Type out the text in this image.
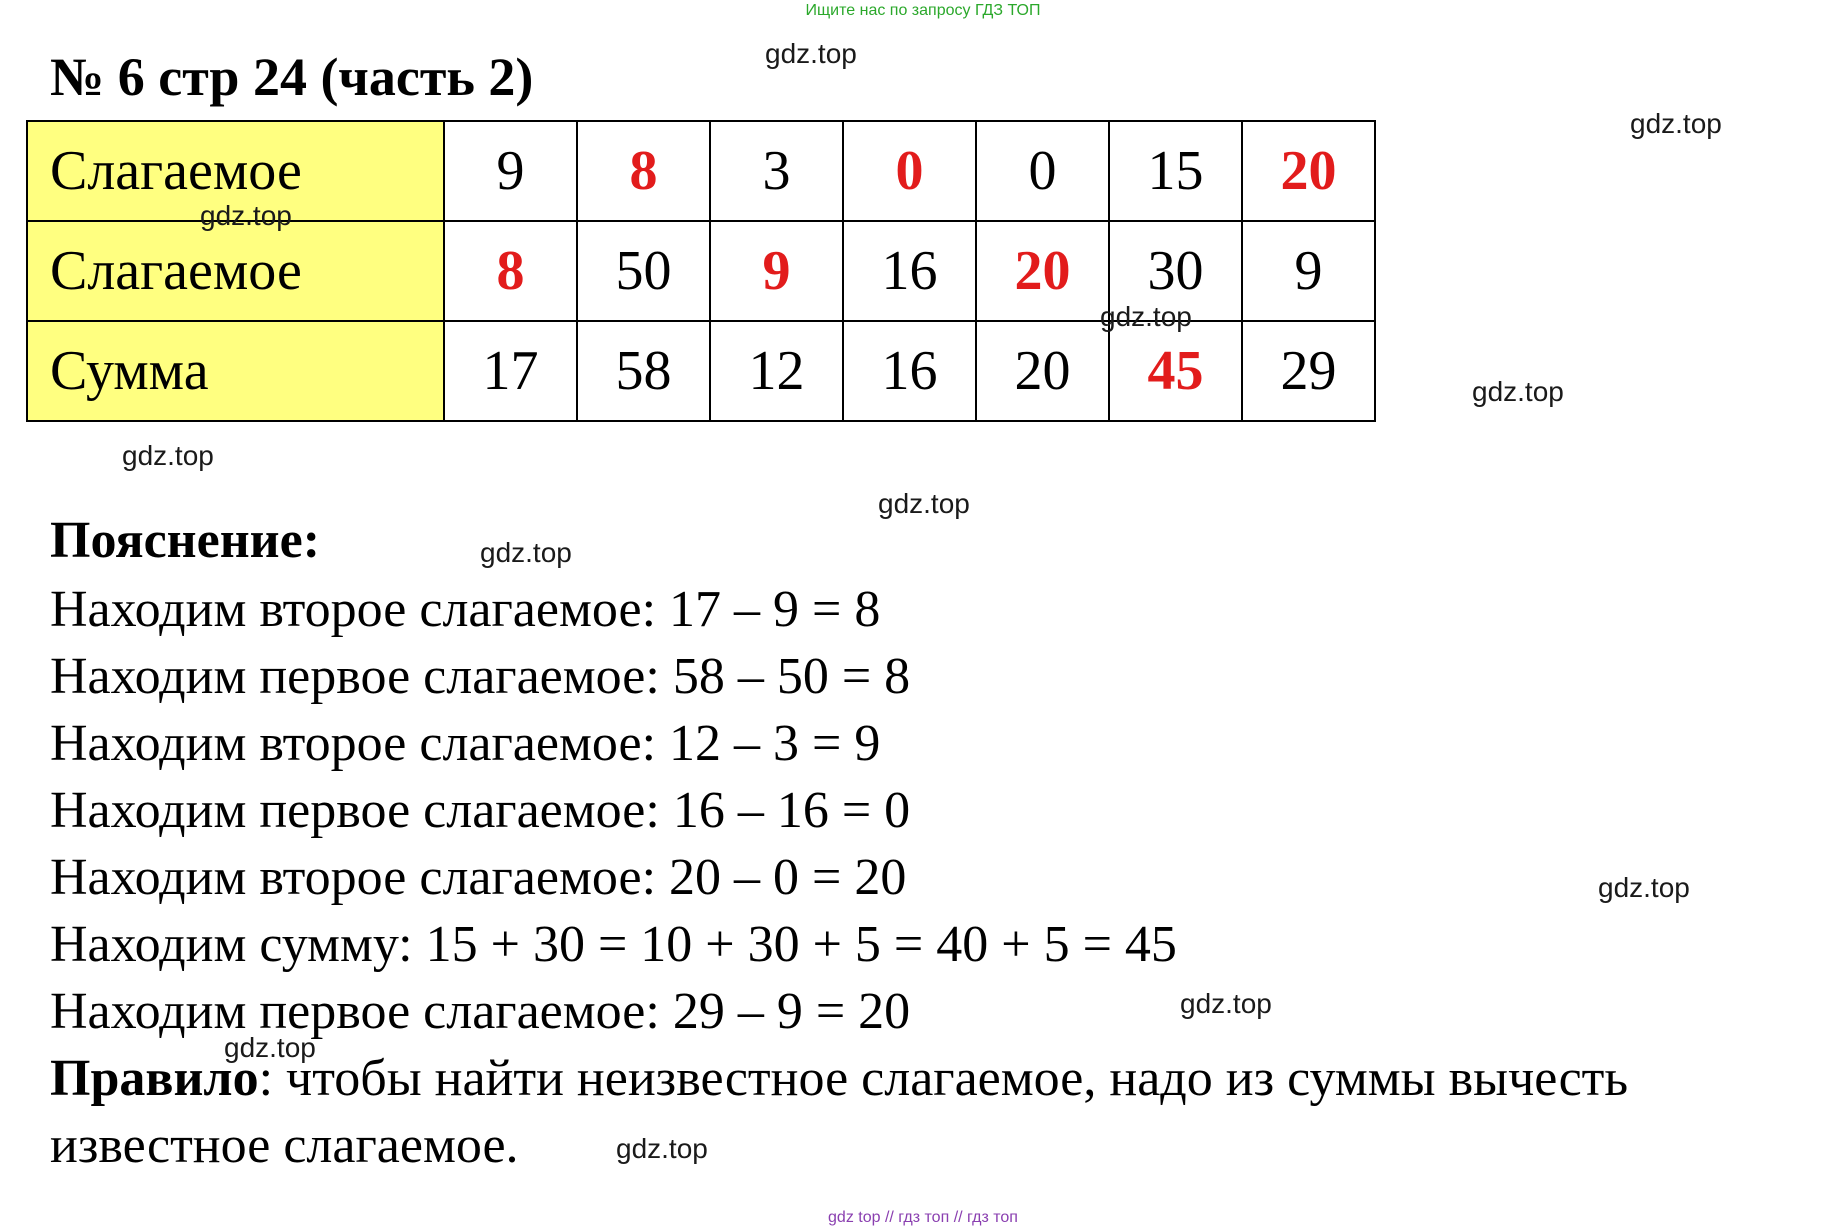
Ищите нас по запросу ГДЗ ТОП
№ 6 стр 24 (часть 2)
Слагаемое	9	8	3	0	0	15	20
Слагаемое	8	50	9	16	20	30	9
Сумма	17	58	12	16	20	45	29
Пояснение:
Находим второе слагаемое: 17 – 9 = 8
Находим первое слагаемое: 58 – 50 = 8
Находим второе слагаемое: 12 – 3 = 9
Находим первое слагаемое: 16 – 16 = 0
Находим второе слагаемое: 20 – 0 = 20
Находим сумму: 15 + 30 = 10 + 30 + 5 = 40 + 5 = 45
Находим первое слагаемое: 29 – 9 = 20
Правило: чтобы найти неизвестное слагаемое, надо из суммы вычесть
известное слагаемое.
gdz.top
gdz.top
gdz.top
gdz.top
gdz.top
gdz.top
gdz.top
gdz.top
gdz.top
gdz.top
gdz.top
gdz.top
gdz top // гдз топ // гдз топ
